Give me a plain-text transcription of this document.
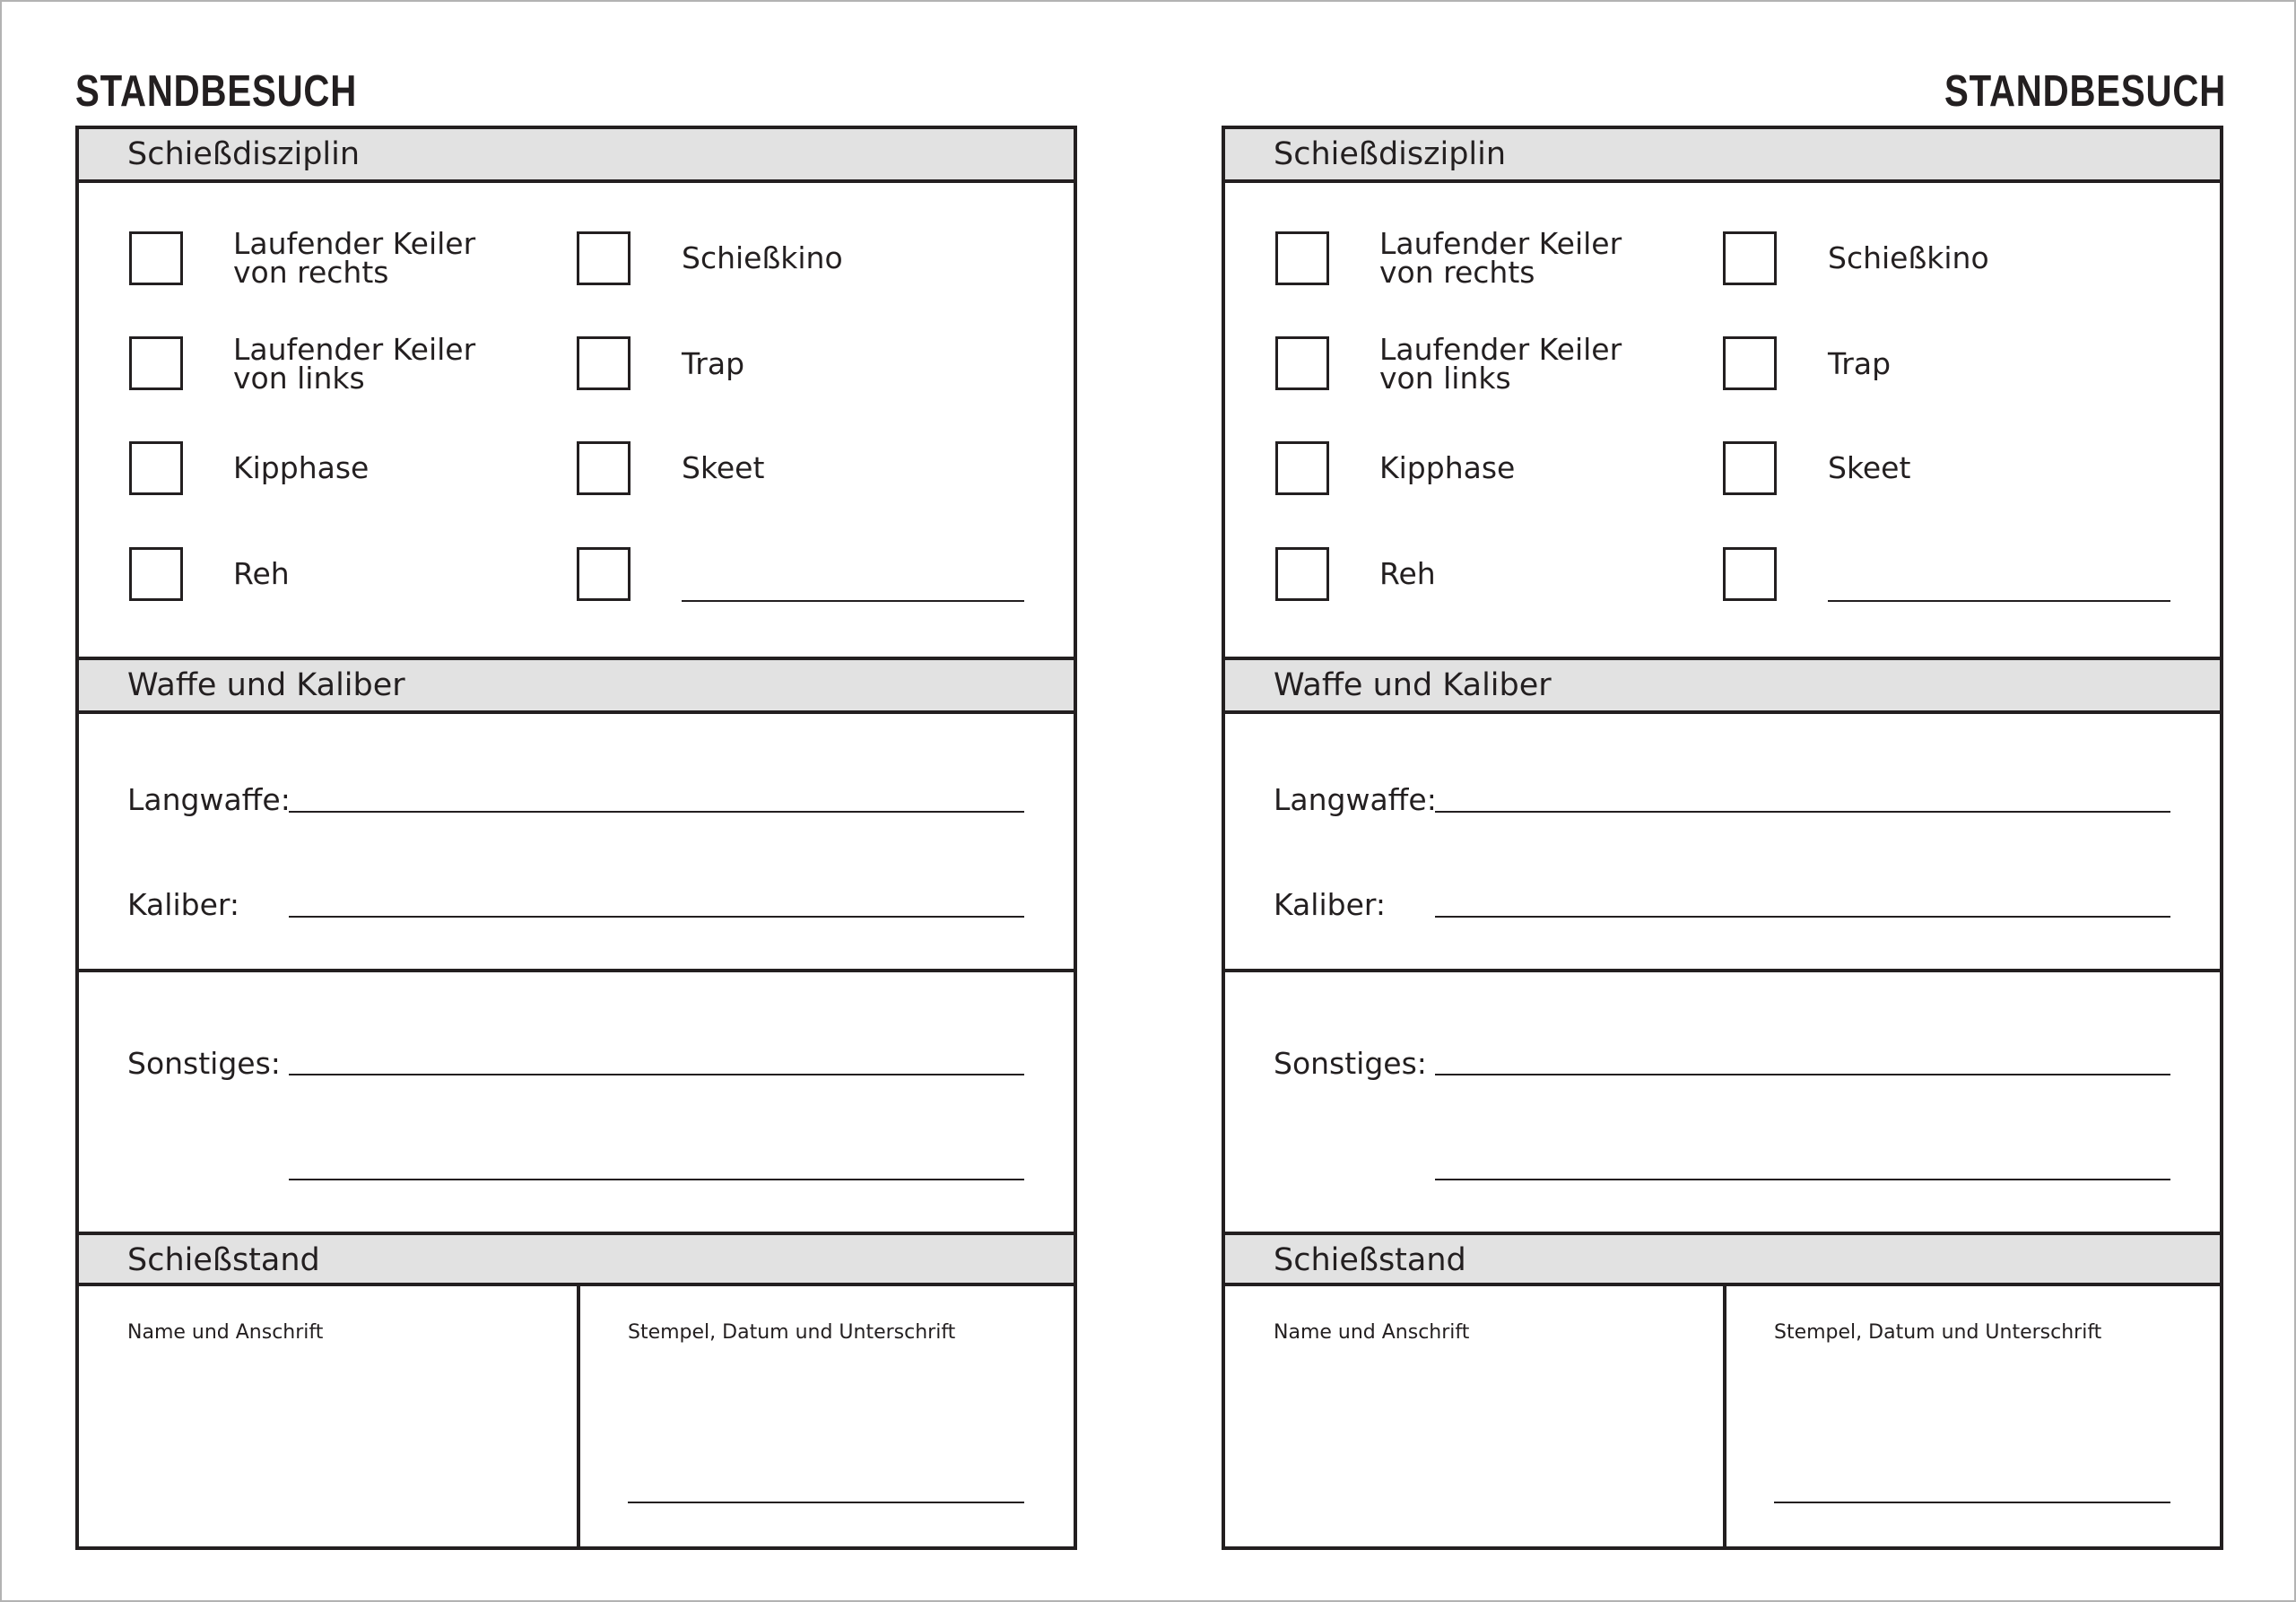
STANDBESUCH
Schießdisziplin
Laufender Keiler
von rechts	Schießkino
Laufender Keiler
von links	Trap
Kipphase	Skeet
Reh
Waffe und Kaliber
Langwaffe:
Kaliber:
Sonstiges:
Schießstand
Name und Anschrift	Stempel, Datum und Unterschrift
STANDBESUCH
Schießdisziplin
Laufender Keiler
von rechts	Schießkino
Laufender Keiler
von links	Trap
Kipphase	Skeet
Reh
Waffe und Kaliber
Langwaffe:
Kaliber:
Sonstiges:
Schießstand
Name und Anschrift	Stempel, Datum und Unterschrift
